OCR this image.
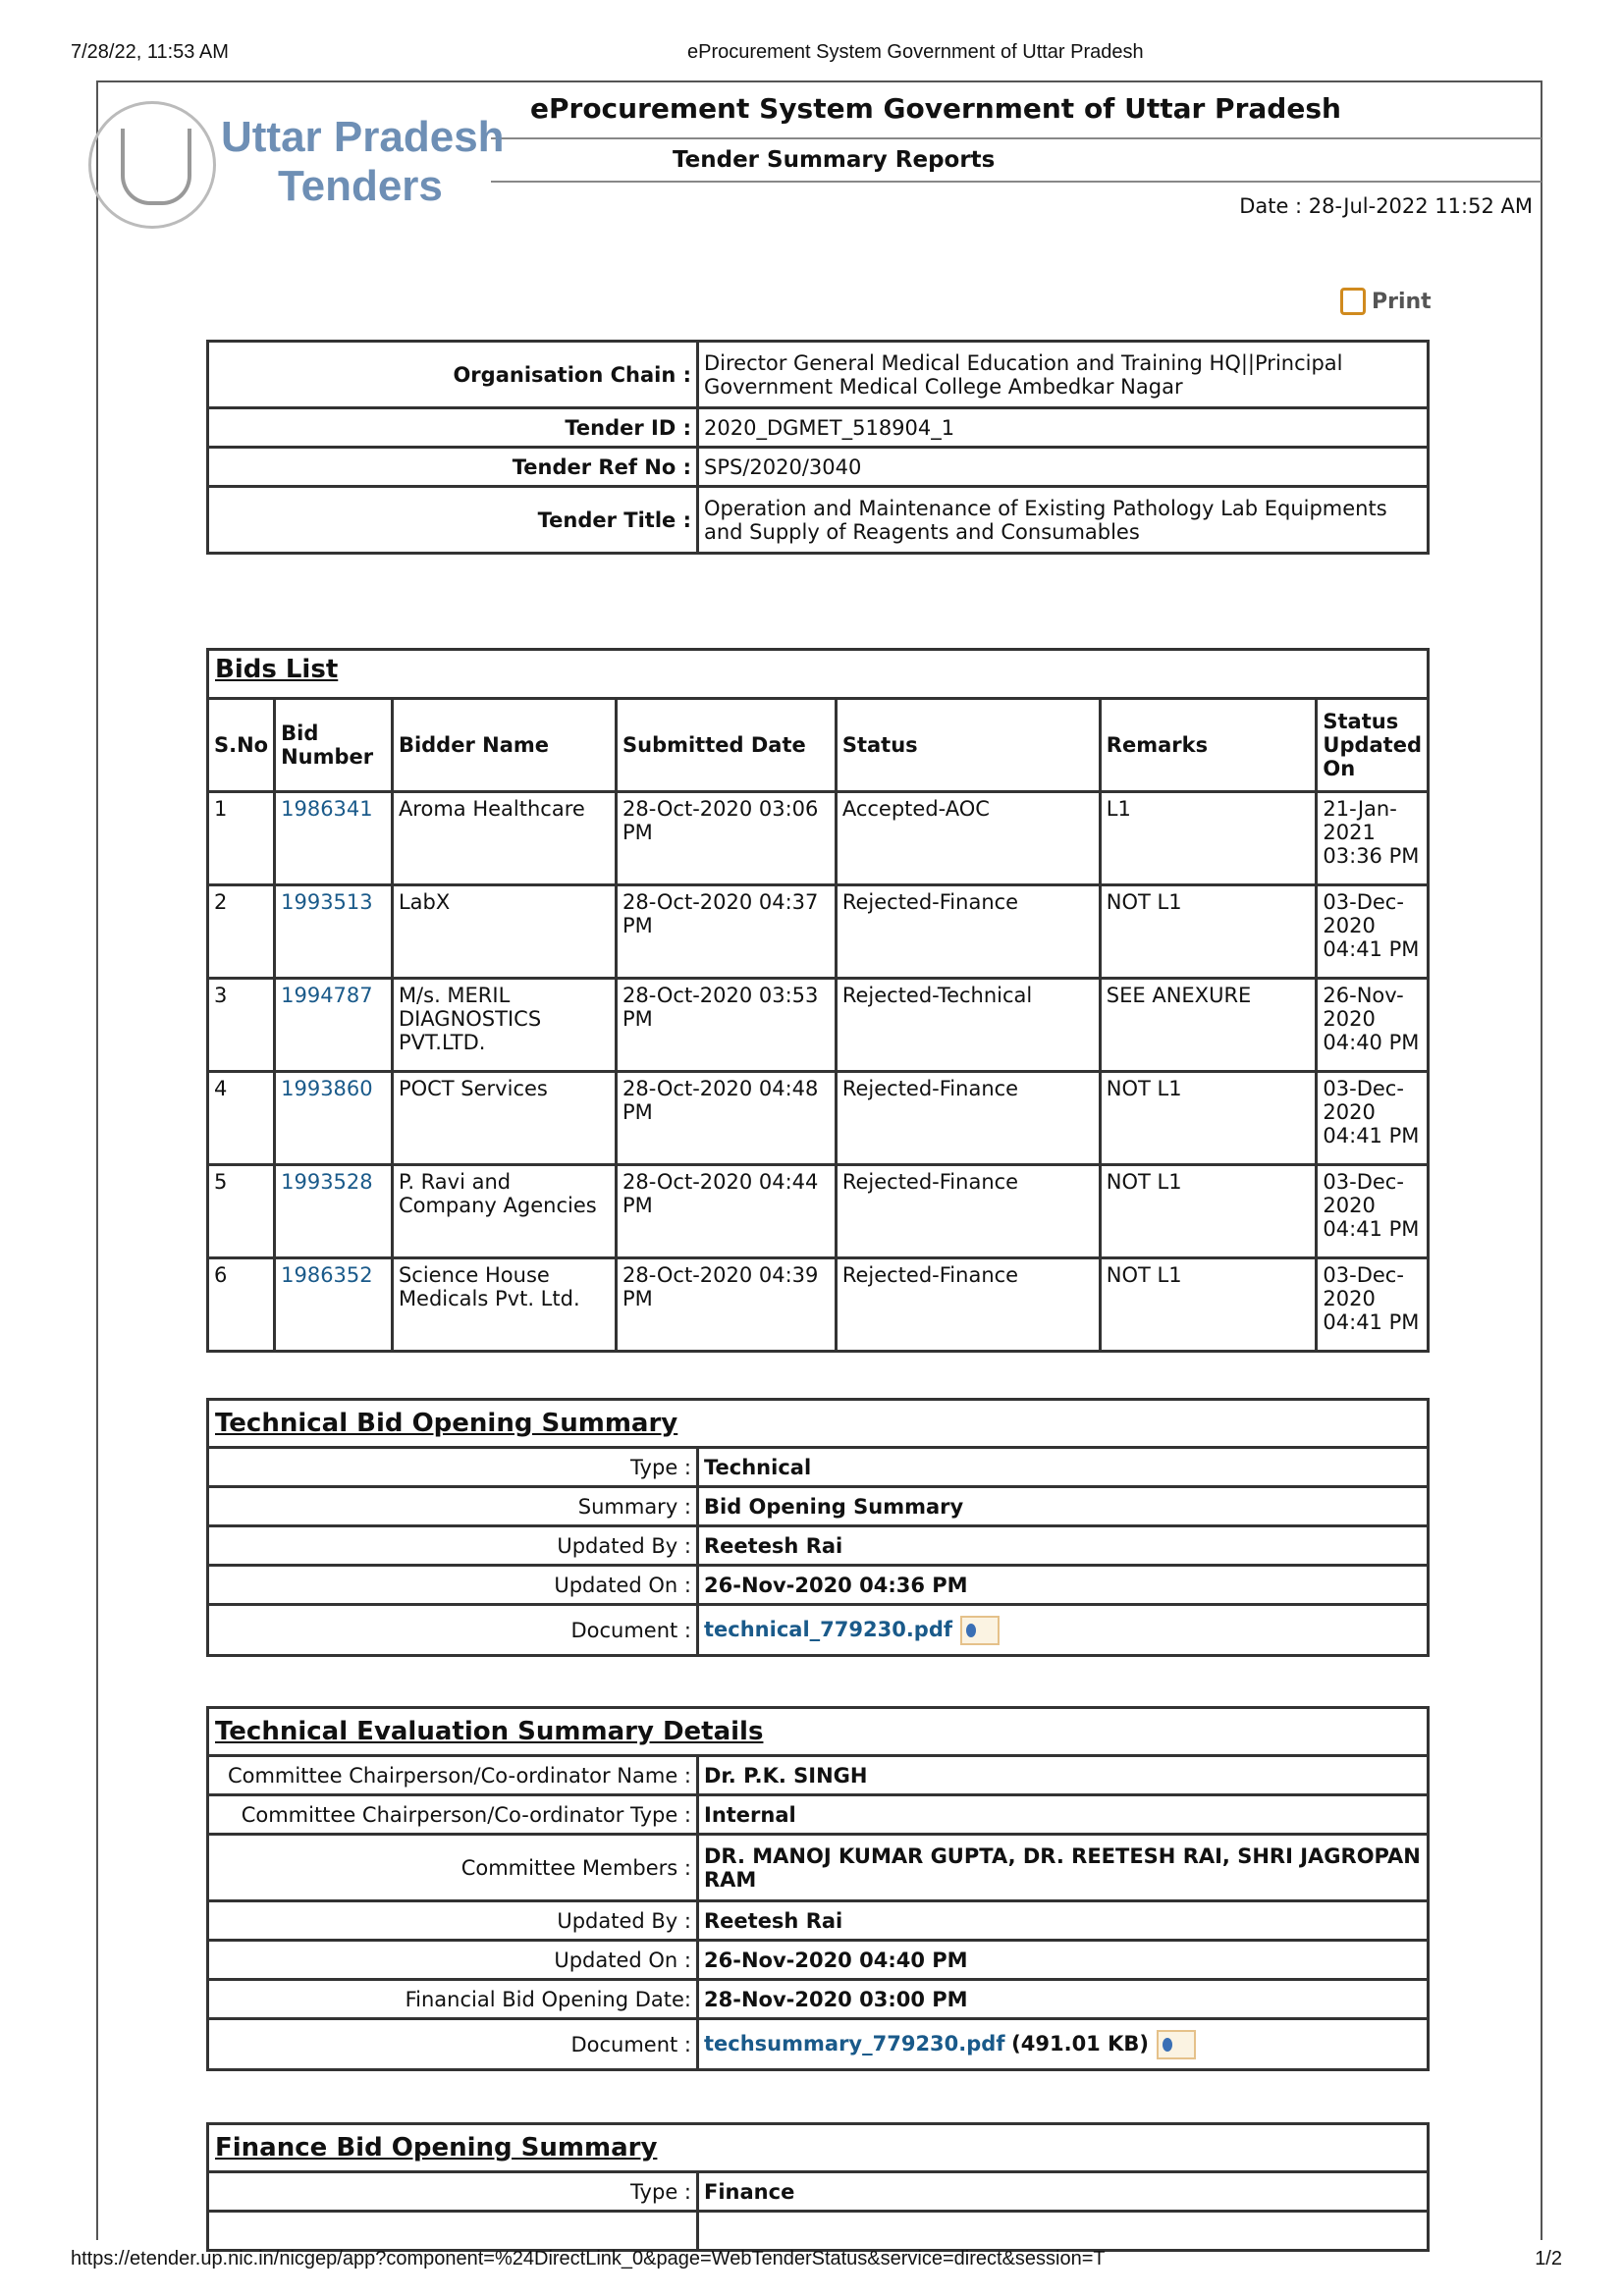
7/28/22, 11:53 AM	eProcurement System Government of Uttar Pradesh
Uttar Pradesh
Tenders
eProcurement System Government of Uttar Pradesh
Tender Summary Reports
Date : 28-Jul-2022 11:52 AM
Print
Organisation Chain :	Director General Medical Education and Training HQ||Principal Government Medical College Ambedkar Nagar
Tender ID :	2020_DGMET_518904_1
Tender Ref No :	SPS/2020/3040
Tender Title :	Operation and Maintenance of Existing Pathology Lab Equipments and Supply of Reagents and Consumables
Bids List						
S.No	Bid Number	Bidder Name	Submitted Date	Status	Remarks	Status Updated On
1	1986341	Aroma Healthcare	28-Oct-2020 03:06 PM	Accepted-AOC	L1	21-Jan-2021 03:36 PM
2	1993513	LabX	28-Oct-2020 04:37 PM	Rejected-Finance	NOT L1	03-Dec-2020 04:41 PM
3	1994787	M/s. MERIL DIAGNOSTICS PVT.LTD.	28-Oct-2020 03:53 PM	Rejected-Technical	SEE ANEXURE	26-Nov-2020 04:40 PM
4	1993860	POCT Services	28-Oct-2020 04:48 PM	Rejected-Finance	NOT L1	03-Dec-2020 04:41 PM
5	1993528	P. Ravi and Company Agencies	28-Oct-2020 04:44 PM	Rejected-Finance	NOT L1	03-Dec-2020 04:41 PM
6	1986352	Science House Medicals Pvt. Ltd.	28-Oct-2020 04:39 PM	Rejected-Finance	NOT L1	03-Dec-2020 04:41 PM
Technical Bid Opening Summary	
Type :	Technical
Summary :	Bid Opening Summary
Updated By :	Reetesh Rai
Updated On :	26-Nov-2020 04:36 PM
Document :	technical_779230.pdf
Technical Evaluation Summary Details	
Committee Chairperson/Co-ordinator Name :	Dr. P.K. SINGH
Committee Chairperson/Co-ordinator Type :	Internal
Committee Members :	DR. MANOJ KUMAR GUPTA, DR. REETESH RAI, SHRI JAGROPAN RAM
Updated By :	Reetesh Rai
Updated On :	26-Nov-2020 04:40 PM
Financial Bid Opening Date:	28-Nov-2020 03:00 PM
Document :	techsummary_779230.pdf (491.01 KB)
Finance Bid Opening Summary	
Type :	Finance

https://etender.up.nic.in/nicgep/app?component=%24DirectLink_0&page=WebTenderStatus&service=direct&session=T	1/2
